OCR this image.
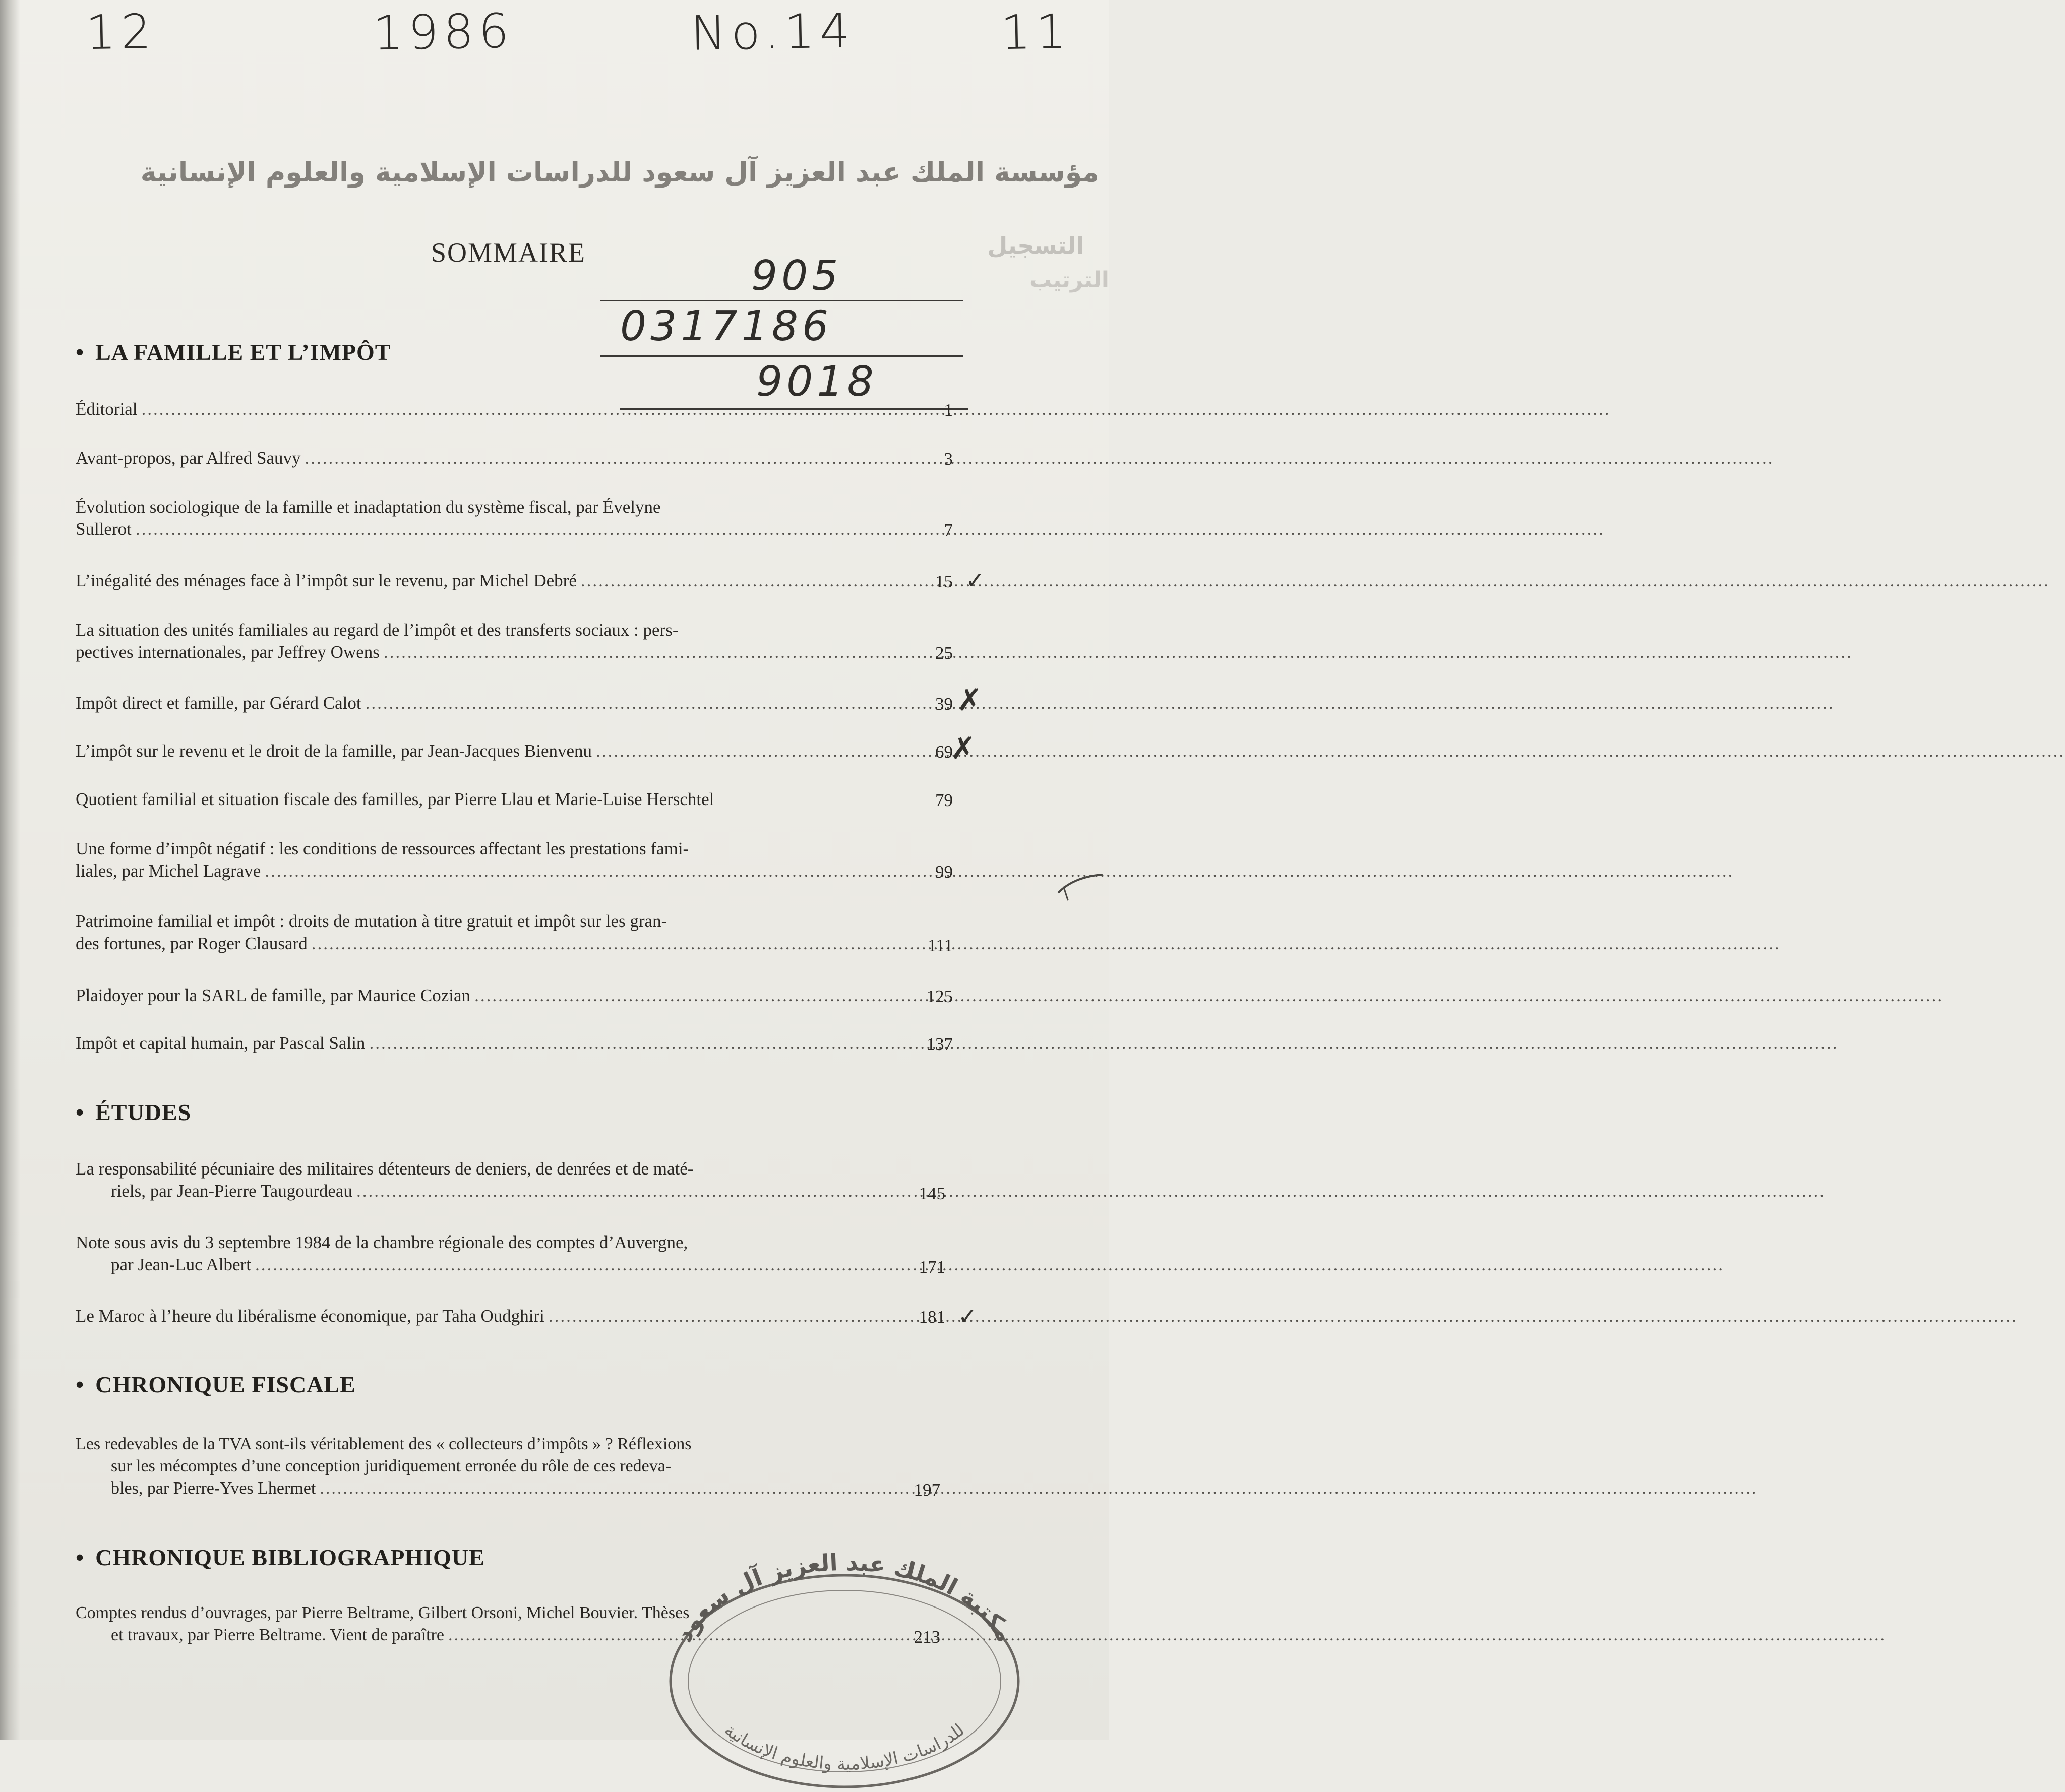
12	1986	No.14	11
مؤسسة الملك عبد العزيز آل سعود للدراسات الإسلامية والعلوم الإنسانية
التسجيل
الترتيب
905
0317186
9018
SOMMAIRE
• LA FAMILLE ET L’IMPÔT
Éditorial .....	1
Avant-propos, par Alfred Sauvy .....	3
Évolution sociologique de la famille et inadaptation du système fiscal, par Évelyne
Sullerot .....	7
L’inégalité des ménages face à l’impôt sur le revenu, par Michel Debré .....	15 ✓
La situation des unités familiales au regard de l’impôt et des transferts sociaux : pers-
pectives internationales, par Jeffrey Owens .....	25
Impôt direct et famille, par Gérard Calot .....	39 ✗
L’impôt sur le revenu et le droit de la famille, par Jean-Jacques Bienvenu .....	69
✗
Quotient familial et situation fiscale des familles, par Pierre Llau et Marie-Luise Herschtel	79
Une forme d’impôt négatif : les conditions de ressources affectant les prestations fami-
liales, par Michel Lagrave .....	99
Patrimoine familial et impôt : droits de mutation à titre gratuit et impôt sur les gran-
des fortunes, par Roger Clausard .....	111
Plaidoyer pour la SARL de famille, par Maurice Cozian .....	125
Impôt et capital humain, par Pascal Salin .....	137
• ÉTUDES
La responsabilité pécuniaire des militaires détenteurs de deniers, de denrées et de maté-
riels, par Jean-Pierre Taugourdeau .....	145
Note sous avis du 3 septembre 1984 de la chambre régionale des comptes d’Auvergne,
par Jean-Luc Albert .....	171
Le Maroc à l’heure du libéralisme économique, par Taha Oudghiri .....	181 ✓
• CHRONIQUE FISCALE
Les redevables de la TVA sont-ils véritablement des « collecteurs d’impôts » ? Réflexions
sur les mécomptes d’une conception juridiquement erronée du rôle de ces redeva-
bles, par Pierre-Yves Lhermet .....	197
• CHRONIQUE BIBLIOGRAPHIQUE
Comptes rendus d’ouvrages, par Pierre Beltrame, Gilbert Orsoni, Michel Bouvier. Thèses
et travaux, par Pierre Beltrame. Vient de paraître .....	213
مكتبة الملك عبد العزيز آل سعود
للدراسات الإسلامية والعلوم الإنسانية
